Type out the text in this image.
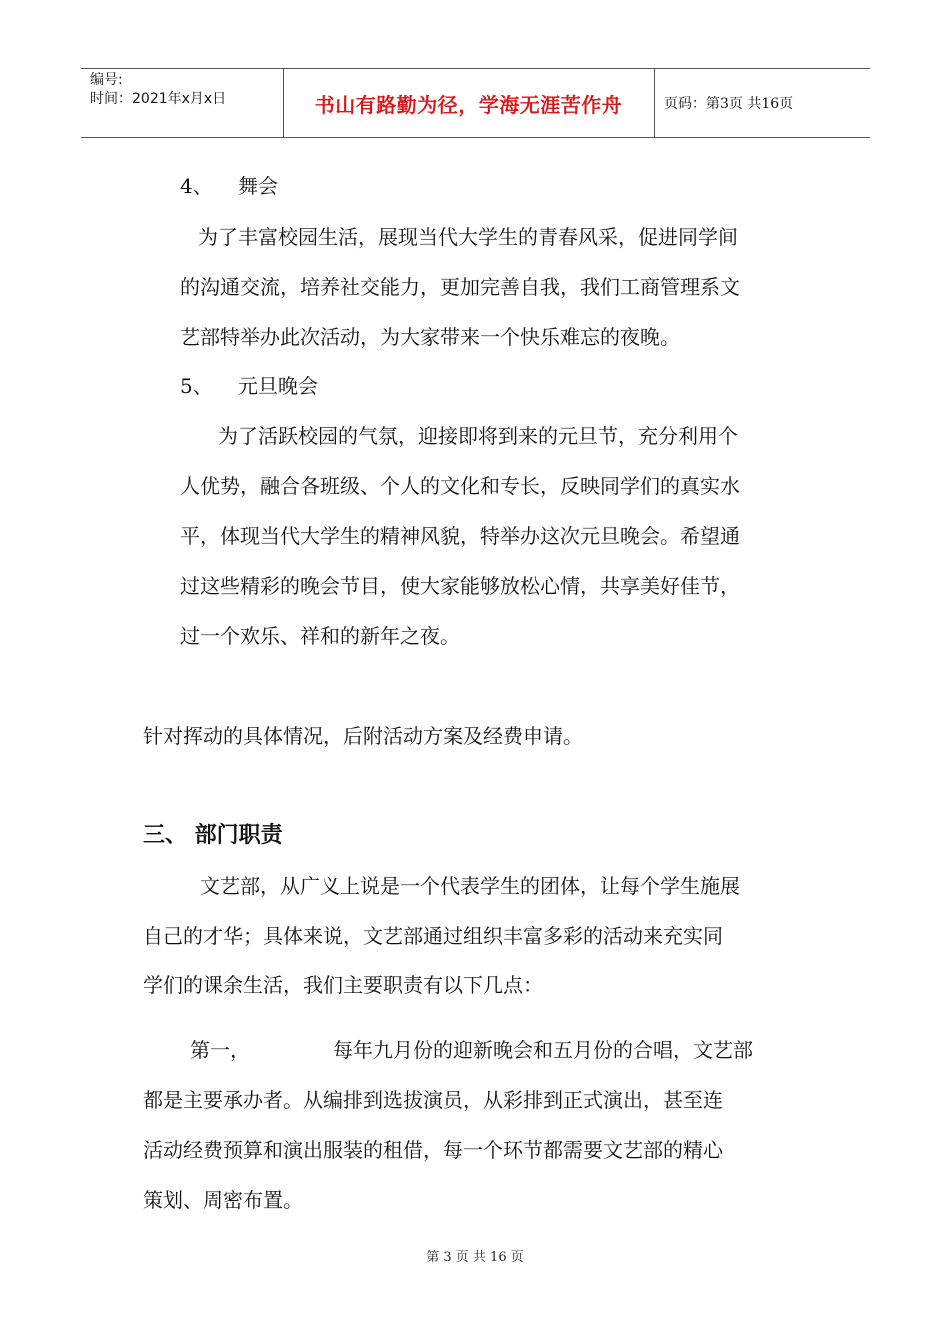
编号:
时间：2021年x月x日	书山有路勤为径，学海无涯苦作舟	页码：第3页 共16页
4、 舞会
为了丰富校园生活，展现当代大学生的青春风采，促进同学间
的沟通交流，培养社交能力，更加完善自我，我们工商管理系文
艺部特举办此次活动，为大家带来一个快乐难忘的夜晚。
5、 元旦晚会
为了活跃校园的气氛，迎接即将到来的元旦节，充分利用个
人优势，融合各班级、个人的文化和专长，反映同学们的真实水
平，体现当代大学生的精神风貌，特举办这次元旦晚会。希望通
过这些精彩的晚会节目，使大家能够放松心情，共享美好佳节，
过一个欢乐、祥和的新年之夜。
针对挥动的具体情况，后附活动方案及经费申请。
三、 部门职责
文艺部，从广义上说是一个代表学生的团体，让每个学生施展
自己的才华；具体来说，文艺部通过组织丰富多彩的活动来充实同
学们的课余生活，我们主要职责有以下几点：
第一，	每年九月份的迎新晚会和五月份的合唱，文艺部
都是主要承办者。从编排到选拔演员，从彩排到正式演出，甚至连
活动经费预算和演出服装的租借，每一个环节都需要文艺部的精心
策划、周密布置。
第 3 页 共 16 页
